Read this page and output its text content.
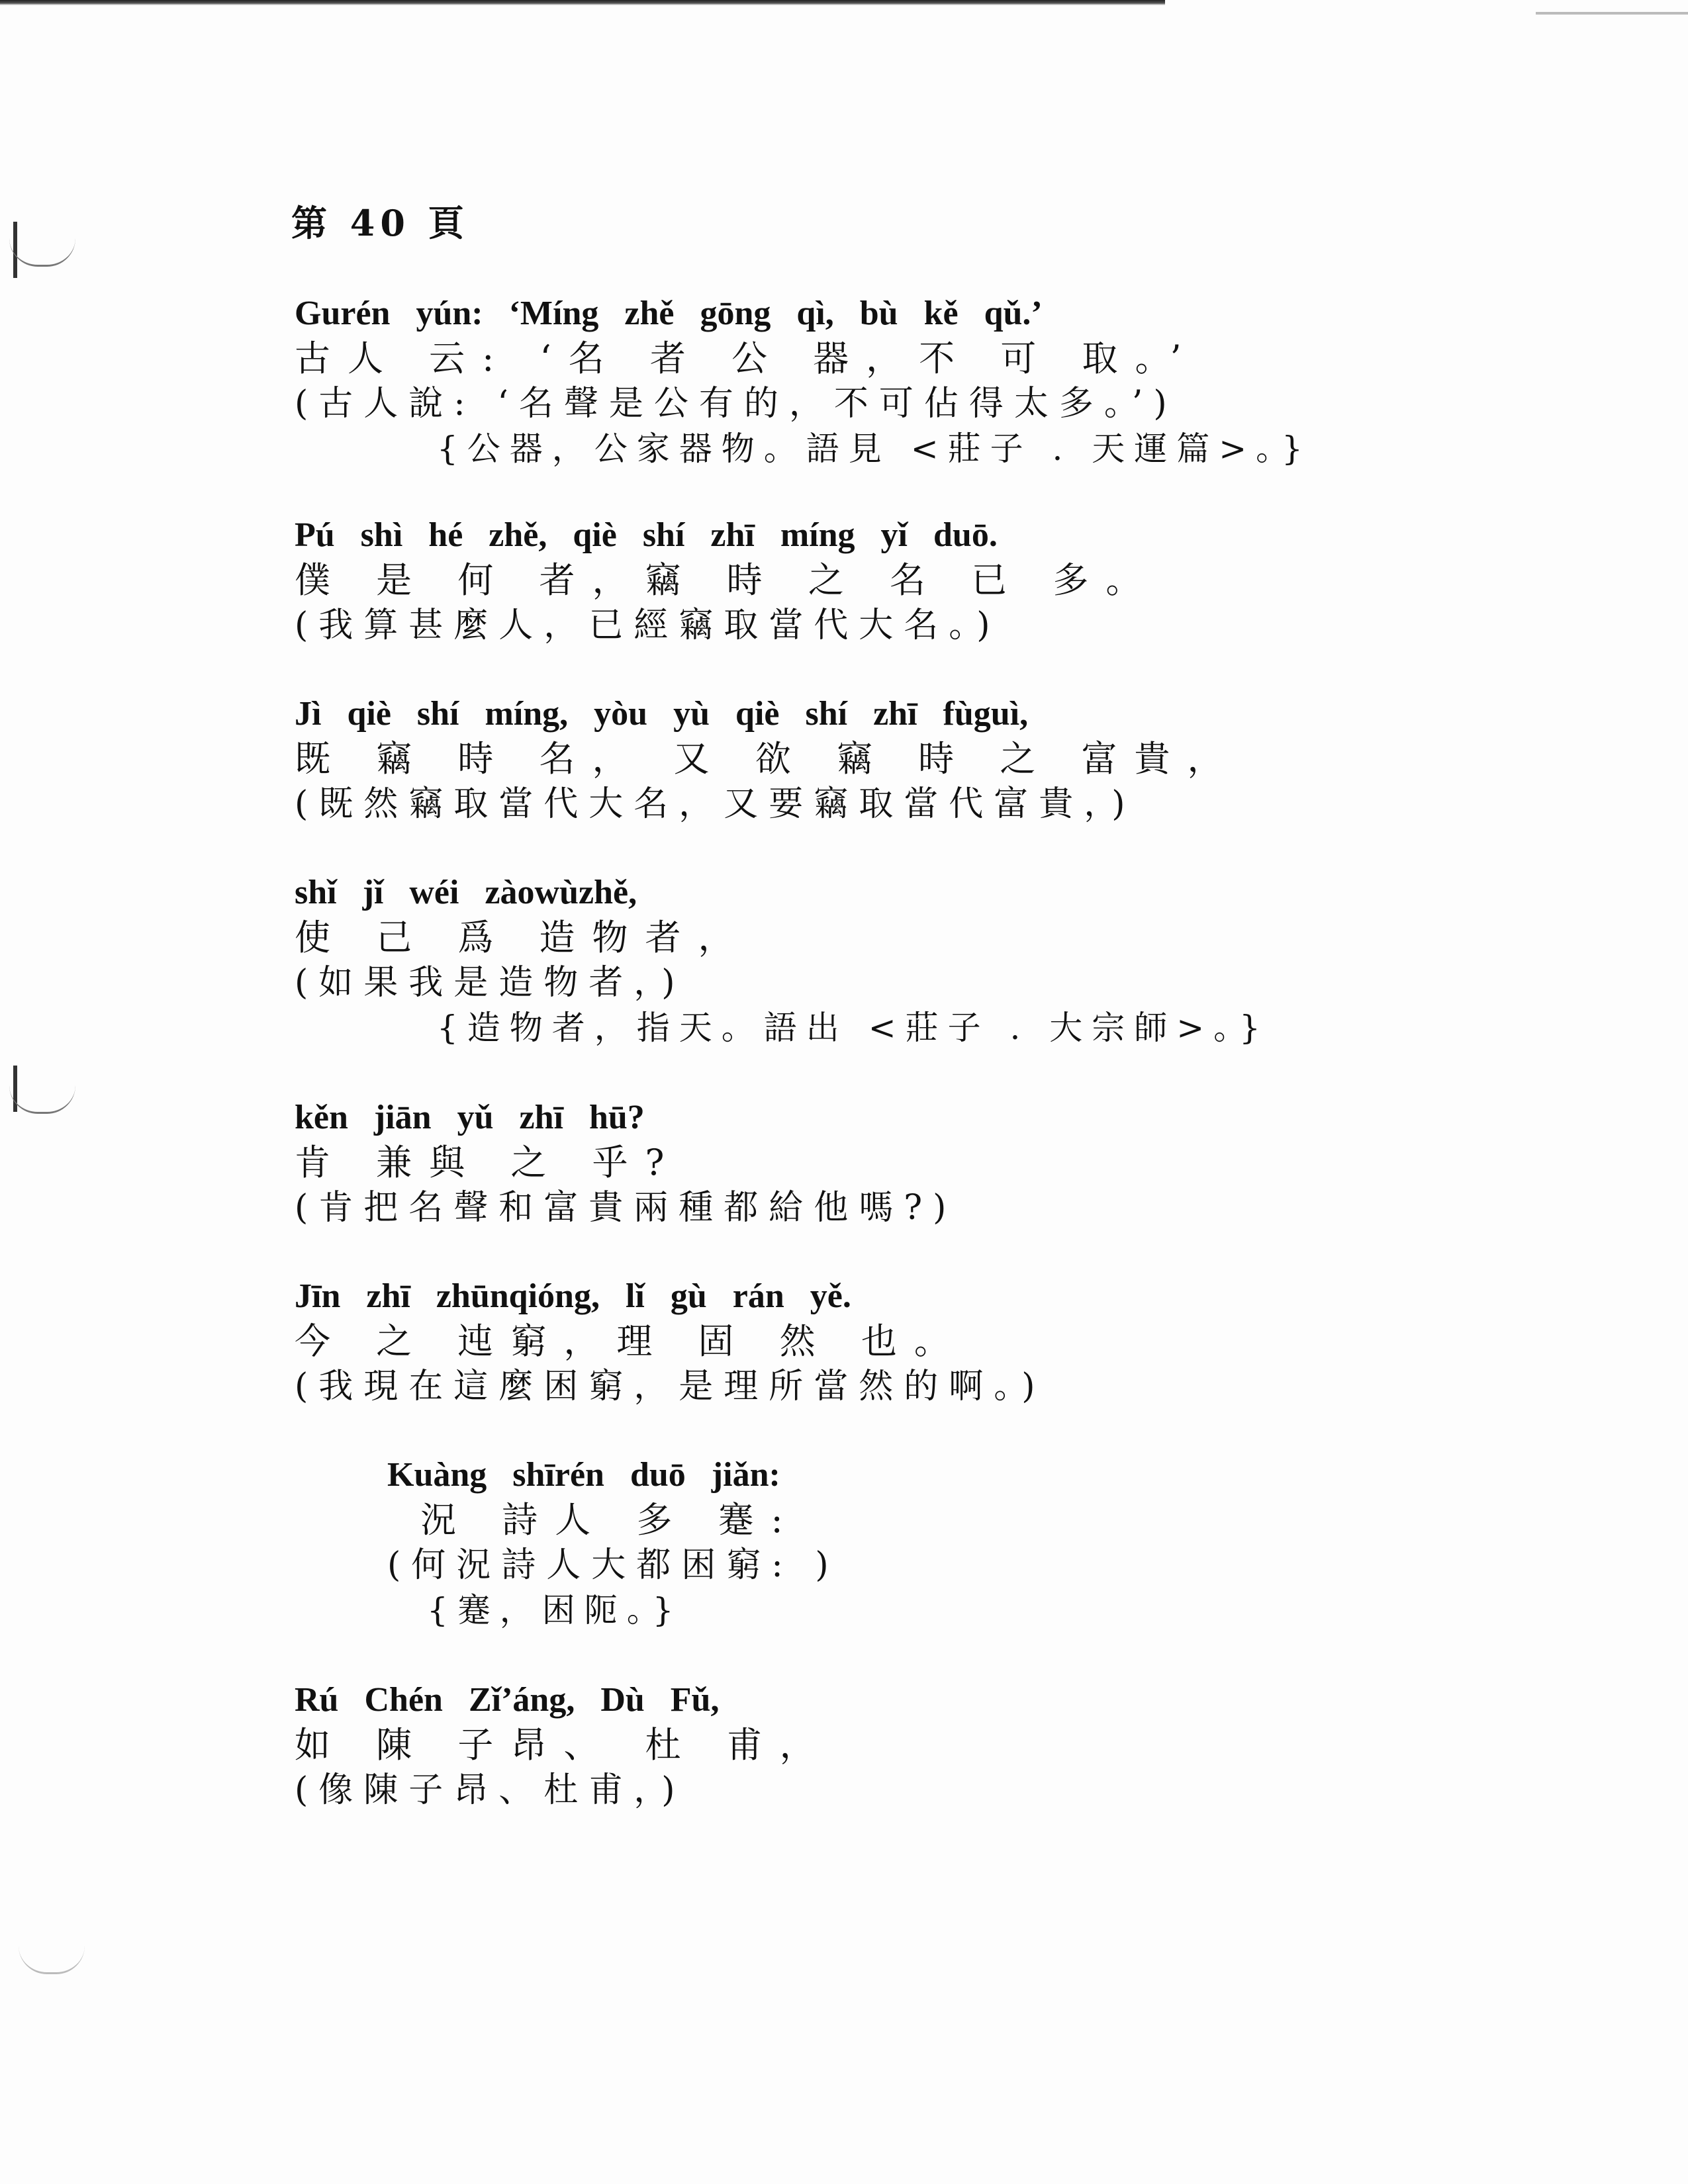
第 40 頁
Gurén yún: ‘Míng zhě gōng qì, bù kě qǔ.’
古人 云: ‘名 者 公 器，不 可 取。’
(古人說: ‘名聲是公有的，不可佔得太多。’)
{公器，公家器物。語見 <莊子 . 天運篇>。}
Pú shì hé zhě, qiè shí zhī míng yǐ duō.
僕 是 何 者，竊 時 之 名 已 多。
(我算甚麼人，已經竊取當代大名。)
Jì qiè shí míng, yòu yù qiè shí zhī fùguì,
既 竊 時 名， 又 欲 竊 時 之 富貴，
(既然竊取當代大名，又要竊取當代富貴，)
shǐ jǐ wéi zàowùzhě,
使 己 爲 造物者，
(如果我是造物者，)
{造物者，指天。語出 <莊子 . 大宗師>。}
kěn jiān yǔ zhī hū?
肯 兼與 之 乎?
(肯把名聲和富貴兩種都給他嗎?)
Jīn zhī zhūnqióng, lǐ gù rán yě.
今 之 迍窮，理 固 然 也。
(我現在這麼困窮，是理所當然的啊。)
Kuàng shīrén duō jiǎn:
況 詩人 多 蹇:
(何況詩人大都困窮: )
{蹇，困阨。}
Rú Chén Zǐ’áng, Dù Fǔ,
如 陳 子昂、 杜 甫，
(像陳子昂、杜甫，)
